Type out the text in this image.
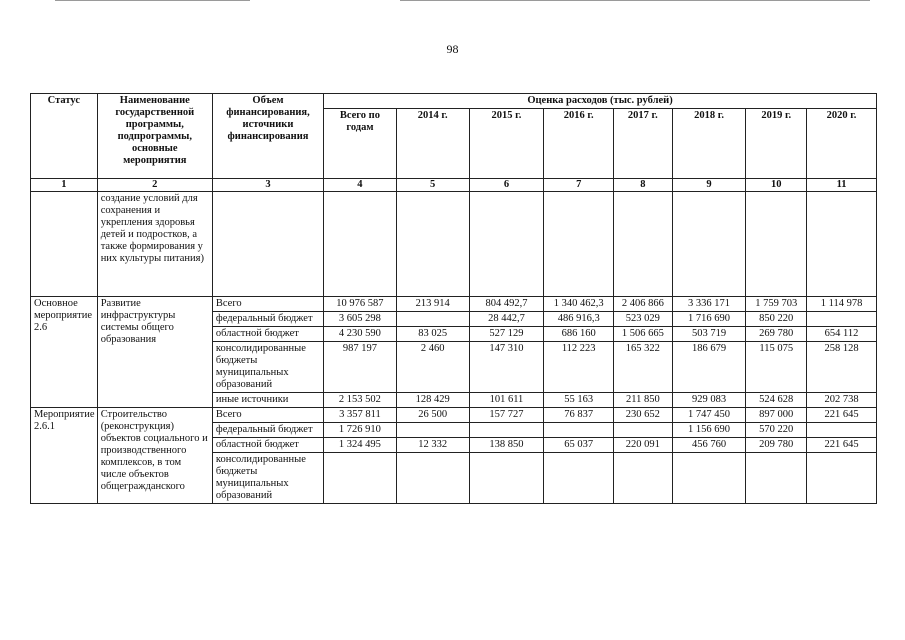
98
Статус	Наименование государственной программы, подпрограммы, основные мероприятия	Объем финансирования, источники финансирования	Оценка расходов (тыс. рублей)							
			Всего по годам	2014 г.	2015 г.	2016 г.	2017 г.	2018 г.	2019 г.	2020 г.
1	2	3	4	5	6	7	8	9	10	11
	создание условий для сохранения и укрепления здоровья детей и подростков, а также формирования у них культуры питания)									
Основное мероприятие 2.6	Развитие инфраструктуры системы общего образования	Всего	10 976 587	213 914	804 492,7	1 340 462,3	2 406 866	3 336 171	1 759 703	1 114 978
		федеральный бюджет	3 605 298		28 442,7	486 916,3	523 029	1 716 690	850 220	
		областной бюджет	4 230 590	83 025	527 129	686 160	1 506 665	503 719	269 780	654 112
		консолидированные бюджеты муниципальных образований	987 197	2 460	147 310	112 223	165 322	186 679	115 075	258 128
		иные источники	2 153 502	128 429	101 611	55 163	211 850	929 083	524 628	202 738
Мероприятие 2.6.1	Строительство (реконструкция) объектов социального и производственного комплексов, в том числе объектов общегражданского	Всего	3 357 811	26 500	157 727	76 837	230 652	1 747 450	897 000	221 645
		федеральный бюджет	1 726 910					1 156 690	570 220	
		областной бюджет	1 324 495	12 332	138 850	65 037	220 091	456 760	209 780	221 645
		консолидированные бюджеты муниципальных образований								
